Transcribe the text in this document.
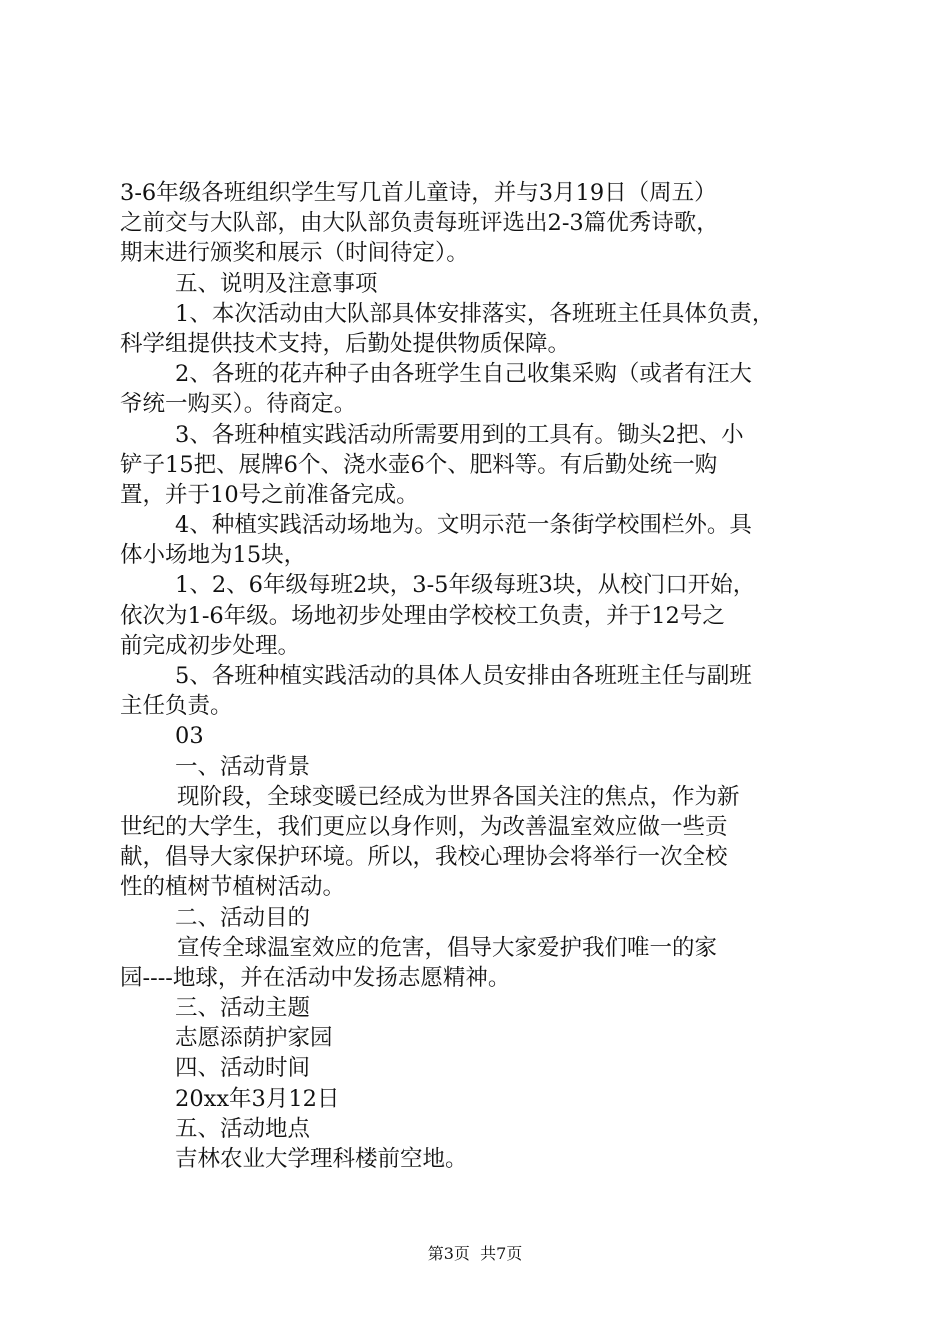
3-6年级各班组织学生写几首儿童诗，并与3月19日（周五）
之前交与大队部，由大队部负责每班评选出2-3篇优秀诗歌，
期末进行颁奖和展示（时间待定）。
五、说明及注意事项
1、本次活动由大队部具体安排落实，各班班主任具体负责，
科学组提供技术支持，后勤处提供物质保障。
2、各班的花卉种子由各班学生自己收集采购（或者有汪大
爷统一购买）。待商定。
3、各班种植实践活动所需要用到的工具有。锄头2把、小
铲子15把、展牌6个、浇水壶6个、肥料等。有后勤处统一购
置，并于10号之前准备完成。
4、种植实践活动场地为。文明示范一条街学校围栏外。具
体小场地为15块，
1、2、6年级每班2块，3-5年级每班3块，从校门口开始，
依次为1-6年级。场地初步处理由学校校工负责，并于12号之
前完成初步处理。
5、各班种植实践活动的具体人员安排由各班班主任与副班
主任负责。
03
一、活动背景
现阶段，全球变暖已经成为世界各国关注的焦点，作为新
世纪的大学生，我们更应以身作则，为改善温室效应做一些贡
献，倡导大家保护环境。所以，我校心理协会将举行一次全校
性的植树节植树活动。
二、活动目的
宣传全球温室效应的危害，倡导大家爱护我们唯一的家
园----地球，并在活动中发扬志愿精神。
三、活动主题
志愿添荫护家园
四、活动时间
20xx年3月12日
五、活动地点
吉林农业大学理科楼前空地。
第3页  共7页
